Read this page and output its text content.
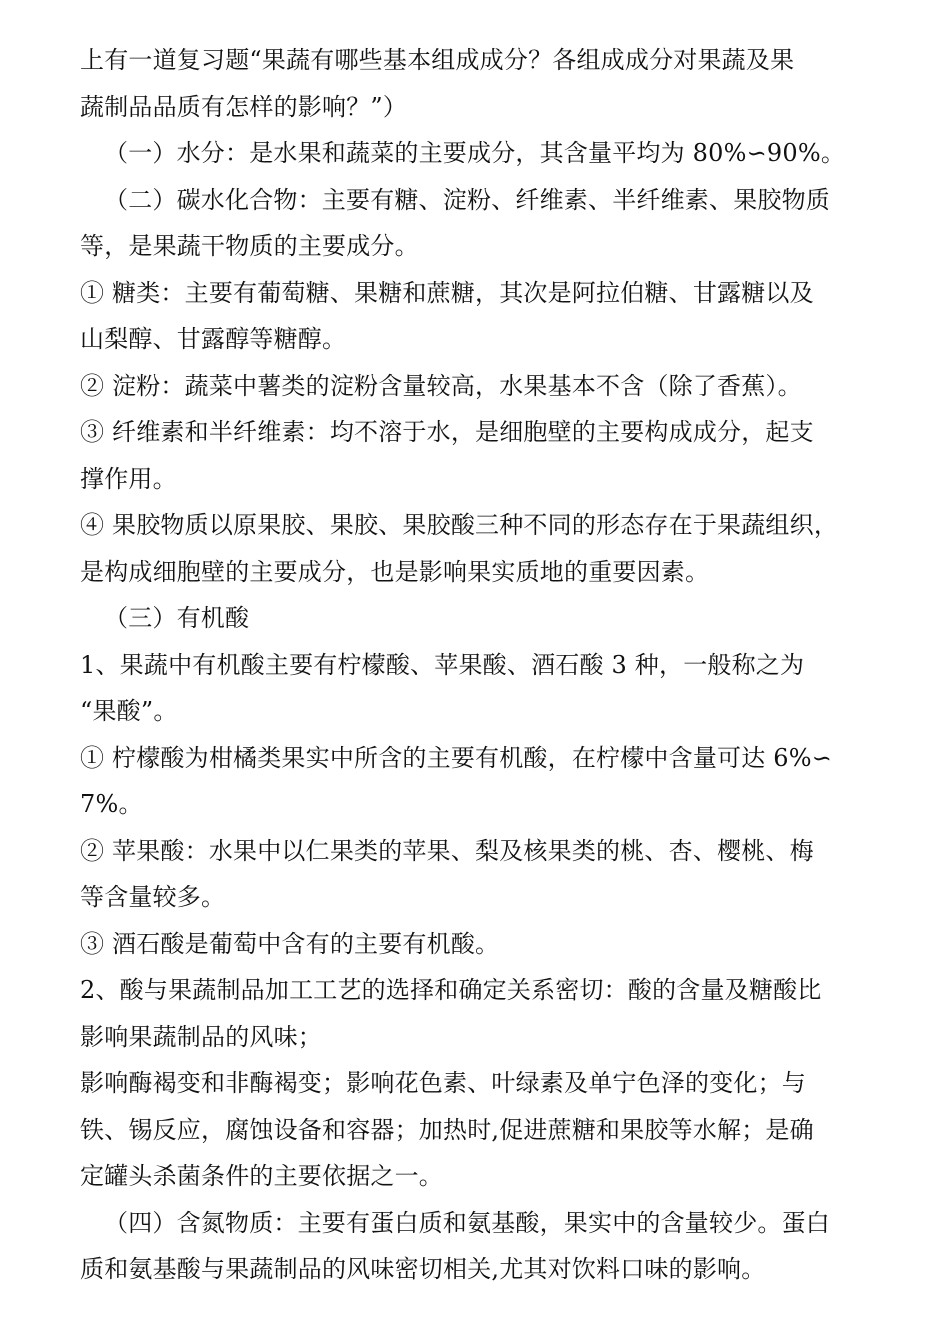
上有一道复习题“果蔬有哪些基本组成成分？各组成成分对果蔬及果
蔬制品品质有怎样的影响？”）
（一）水分：是水果和蔬菜的主要成分，其含量平均为 80%∽90%。
（二）碳水化合物：主要有糖、淀粉、纤维素、半纤维素、果胶物质
等，是果蔬干物质的主要成分。
① 糖类：主要有葡萄糖、果糖和蔗糖，其次是阿拉伯糖、甘露糖以及
山梨醇、甘露醇等糖醇。
② 淀粉：蔬菜中薯类的淀粉含量较高，水果基本不含（除了香蕉）。
③ 纤维素和半纤维素：均不溶于水，是细胞壁的主要构成成分，起支
撑作用。
④ 果胶物质以原果胶、果胶、果胶酸三种不同的形态存在于果蔬组织，
是构成细胞壁的主要成分，也是影响果实质地的重要因素。
（三）有机酸
1、果蔬中有机酸主要有柠檬酸、苹果酸、酒石酸 3 种，一般称之为
“果酸”。
① 柠檬酸为柑橘类果实中所含的主要有机酸，在柠檬中含量可达 6%∽
7%。
② 苹果酸：水果中以仁果类的苹果、梨及核果类的桃、杏、樱桃、梅
等含量较多。
③ 酒石酸是葡萄中含有的主要有机酸。
2、酸与果蔬制品加工工艺的选择和确定关系密切：酸的含量及糖酸比
影响果蔬制品的风味；
影响酶褐变和非酶褐变；影响花色素、叶绿素及单宁色泽的变化；与
铁、锡反应，腐蚀设备和容器；加热时,促进蔗糖和果胶等水解；是确
定罐头杀菌条件的主要依据之一。
（四）含氮物质：主要有蛋白质和氨基酸，果实中的含量较少。蛋白
质和氨基酸与果蔬制品的风味密切相关,尤其对饮料口味的影响。
